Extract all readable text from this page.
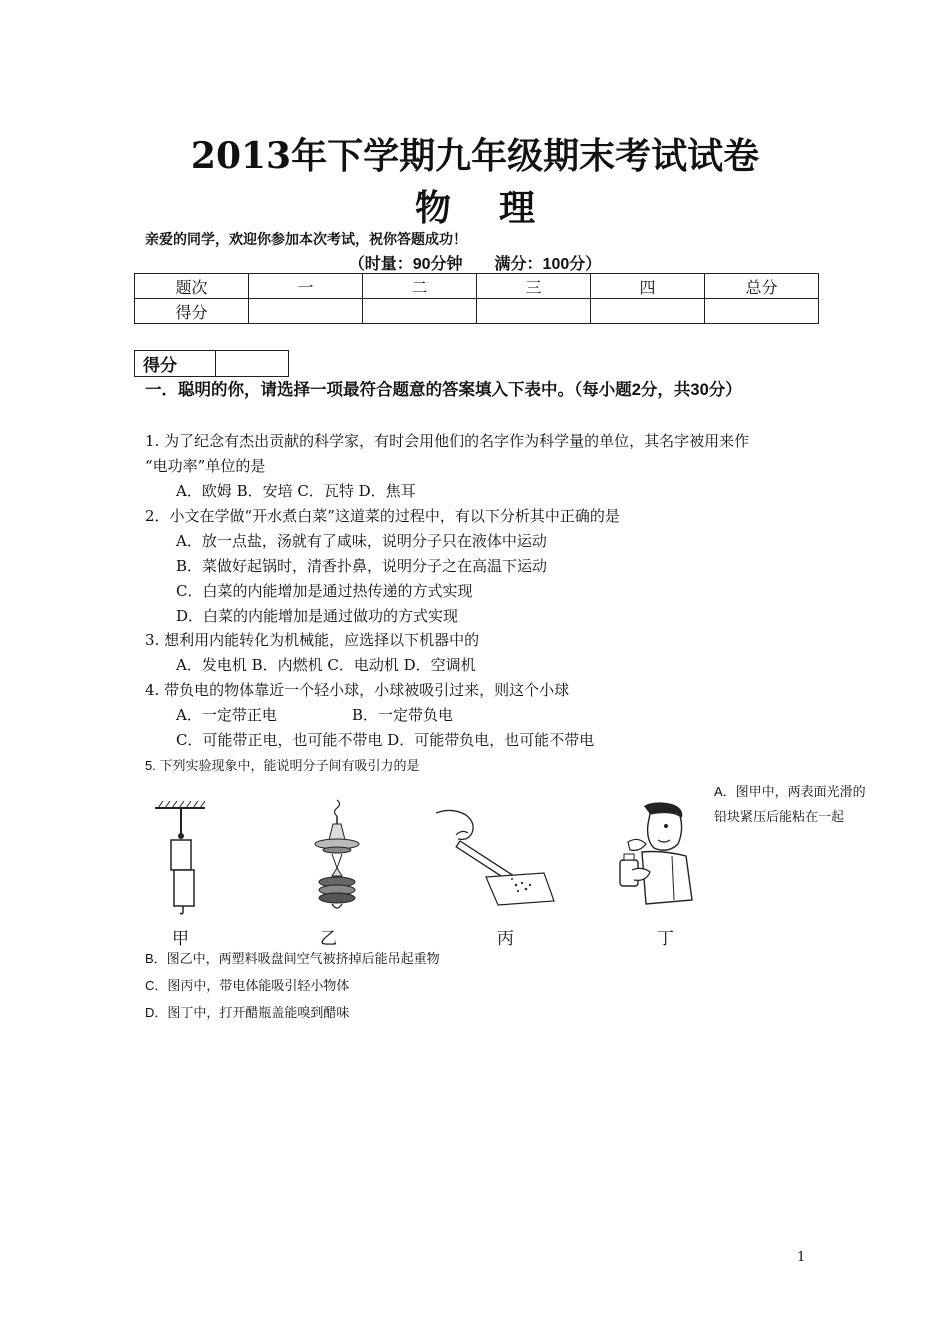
2013年下学期九年级期末考试试卷
物 理
亲爱的同学，欢迎你参加本次考试，祝你答题成功！
（时量：90分钟　　满分：100分）
题次	一	二	三	四	总分
得分					
得分	
一．聪明的你，请选择一项最符合题意的答案填入下表中。（每小题2分，共30分）
1. 为了纪念有杰出贡献的科学家，有时会用他们的名字作为科学量的单位，其名字被用来作
“电功率”单位的是
A．欧姆 B．安培 C．瓦特 D．焦耳
2．小文在学做“开水煮白菜”这道菜的过程中，有以下分析其中正确的是
A．放一点盐，汤就有了咸味，说明分子只在液体中运动
B．菜做好起锅时，清香扑鼻，说明分子之在高温下运动
C．白菜的内能增加是通过热传递的方式实现
D．白菜的内能增加是通过做功的方式实现
3. 想利用内能转化为机械能，应选择以下机器中的
A．发电机 B．内燃机 C．电动机 D．空调机
4. 带负电的物体靠近一个轻小球，小球被吸引过来，则这个小球
A．一定带正电	B．一定带负电
C．可能带正电，也可能不带电 D．可能带负电，也可能不带电
5. 下列实验现象中，能说明分子间有吸引力的是
A．图甲中，两表面光滑的
铅块紧压后能粘在一起
甲	乙	丙	丁
B．图乙中，两塑料吸盘间空气被挤掉后能吊起重物
C．图丙中，带电体能吸引轻小物体
D．图丁中，打开醋瓶盖能嗅到醋味
1
